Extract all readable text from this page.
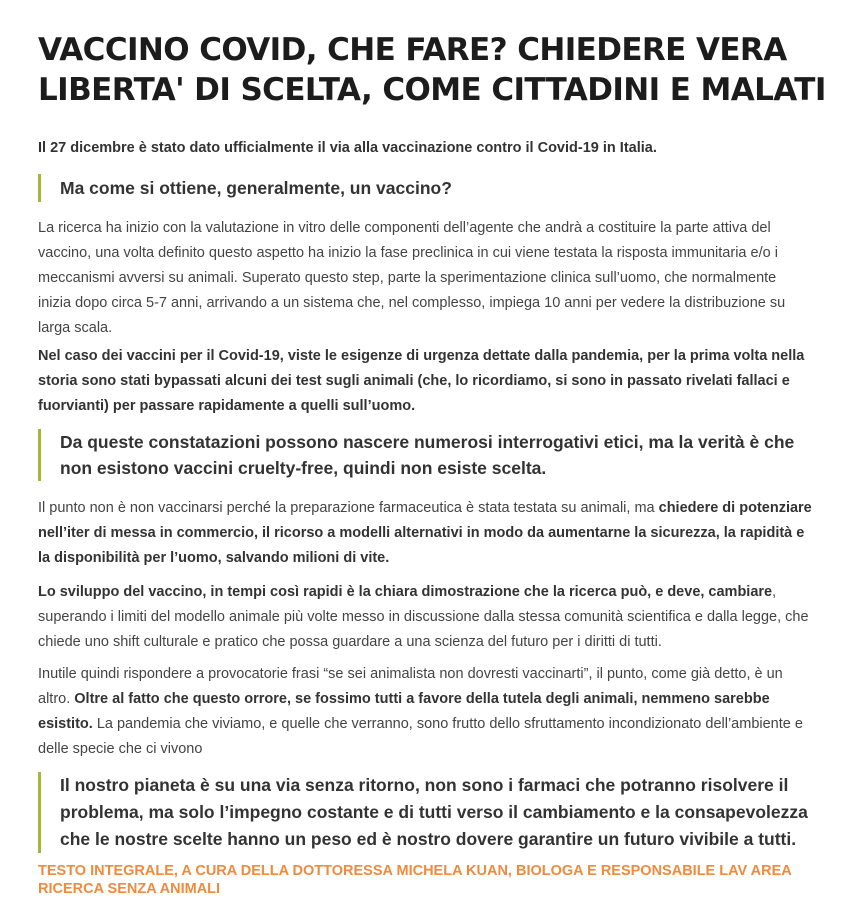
VACCINO COVID, CHE FARE? CHIEDERE VERA LIBERTA' DI SCELTA, COME CITTADINI E MALATI

Il 27 dicembre è stato dato ufficialmente il via alla vaccinazione contro il Covid-19 in Italia.

Ma come si ottiene, generalmente, un vaccino?

La ricerca ha inizio con la valutazione in vitro delle componenti dell’agente che andrà a costituire la parte attiva del vaccino, una volta definito questo aspetto ha inizio la fase preclinica in cui viene testata la risposta immunitaria e/o i meccanismi avversi su animali. Superato questo step, parte la sperimentazione clinica sull’uomo, che normalmente inizia dopo circa 5-7 anni, arrivando a un sistema che, nel complesso, impiega 10 anni per vedere la distribuzione su larga scala.

Nel caso dei vaccini per il Covid-19, viste le esigenze di urgenza dettate dalla pandemia, per la prima volta nella storia sono stati bypassati alcuni dei test sugli animali (che, lo ricordiamo, si sono in passato rivelati fallaci e fuorvianti) per passare rapidamente a quelli sull’uomo.

Da queste constatazioni possono nascere numerosi interrogativi etici, ma la verità è che non esistono vaccini cruelty-free, quindi non esiste scelta.

Il punto non è non vaccinarsi perché la preparazione farmaceutica è stata testata su animali, ma chiedere di potenziare nell’iter di messa in commercio, il ricorso a modelli alternativi in modo da aumentarne la sicurezza, la rapidità e la disponibilità per l’uomo, salvando milioni di vite.

Lo sviluppo del vaccino, in tempi così rapidi è la chiara dimostrazione che la ricerca può, e deve, cambiare, superando i limiti del modello animale più volte messo in discussione dalla stessa comunità scientifica e dalla legge, che chiede uno shift culturale e pratico che possa guardare a una scienza del futuro per i diritti di tutti.

Inutile quindi rispondere a provocatorie frasi “se sei animalista non dovresti vaccinarti”, il punto, come già detto, è un altro. Oltre al fatto che questo orrore, se fossimo tutti a favore della tutela degli animali, nemmeno sarebbe esistito. La pandemia che viviamo, e quelle che verranno, sono frutto dello sfruttamento incondizionato dell’ambiente e delle specie che ci vivono

Il nostro pianeta è su una via senza ritorno, non sono i farmaci che potranno risolvere il problema, ma solo l’impegno costante e di tutti verso il cambiamento e la consapevolezza che le nostre scelte hanno un peso ed è nostro dovere garantire un futuro vivibile a tutti.

TESTO INTEGRALE, A CURA DELLA DOTTORESSA MICHELA KUAN, BIOLOGA E RESPONSABILE LAV AREA RICERCA SENZA ANIMALI
